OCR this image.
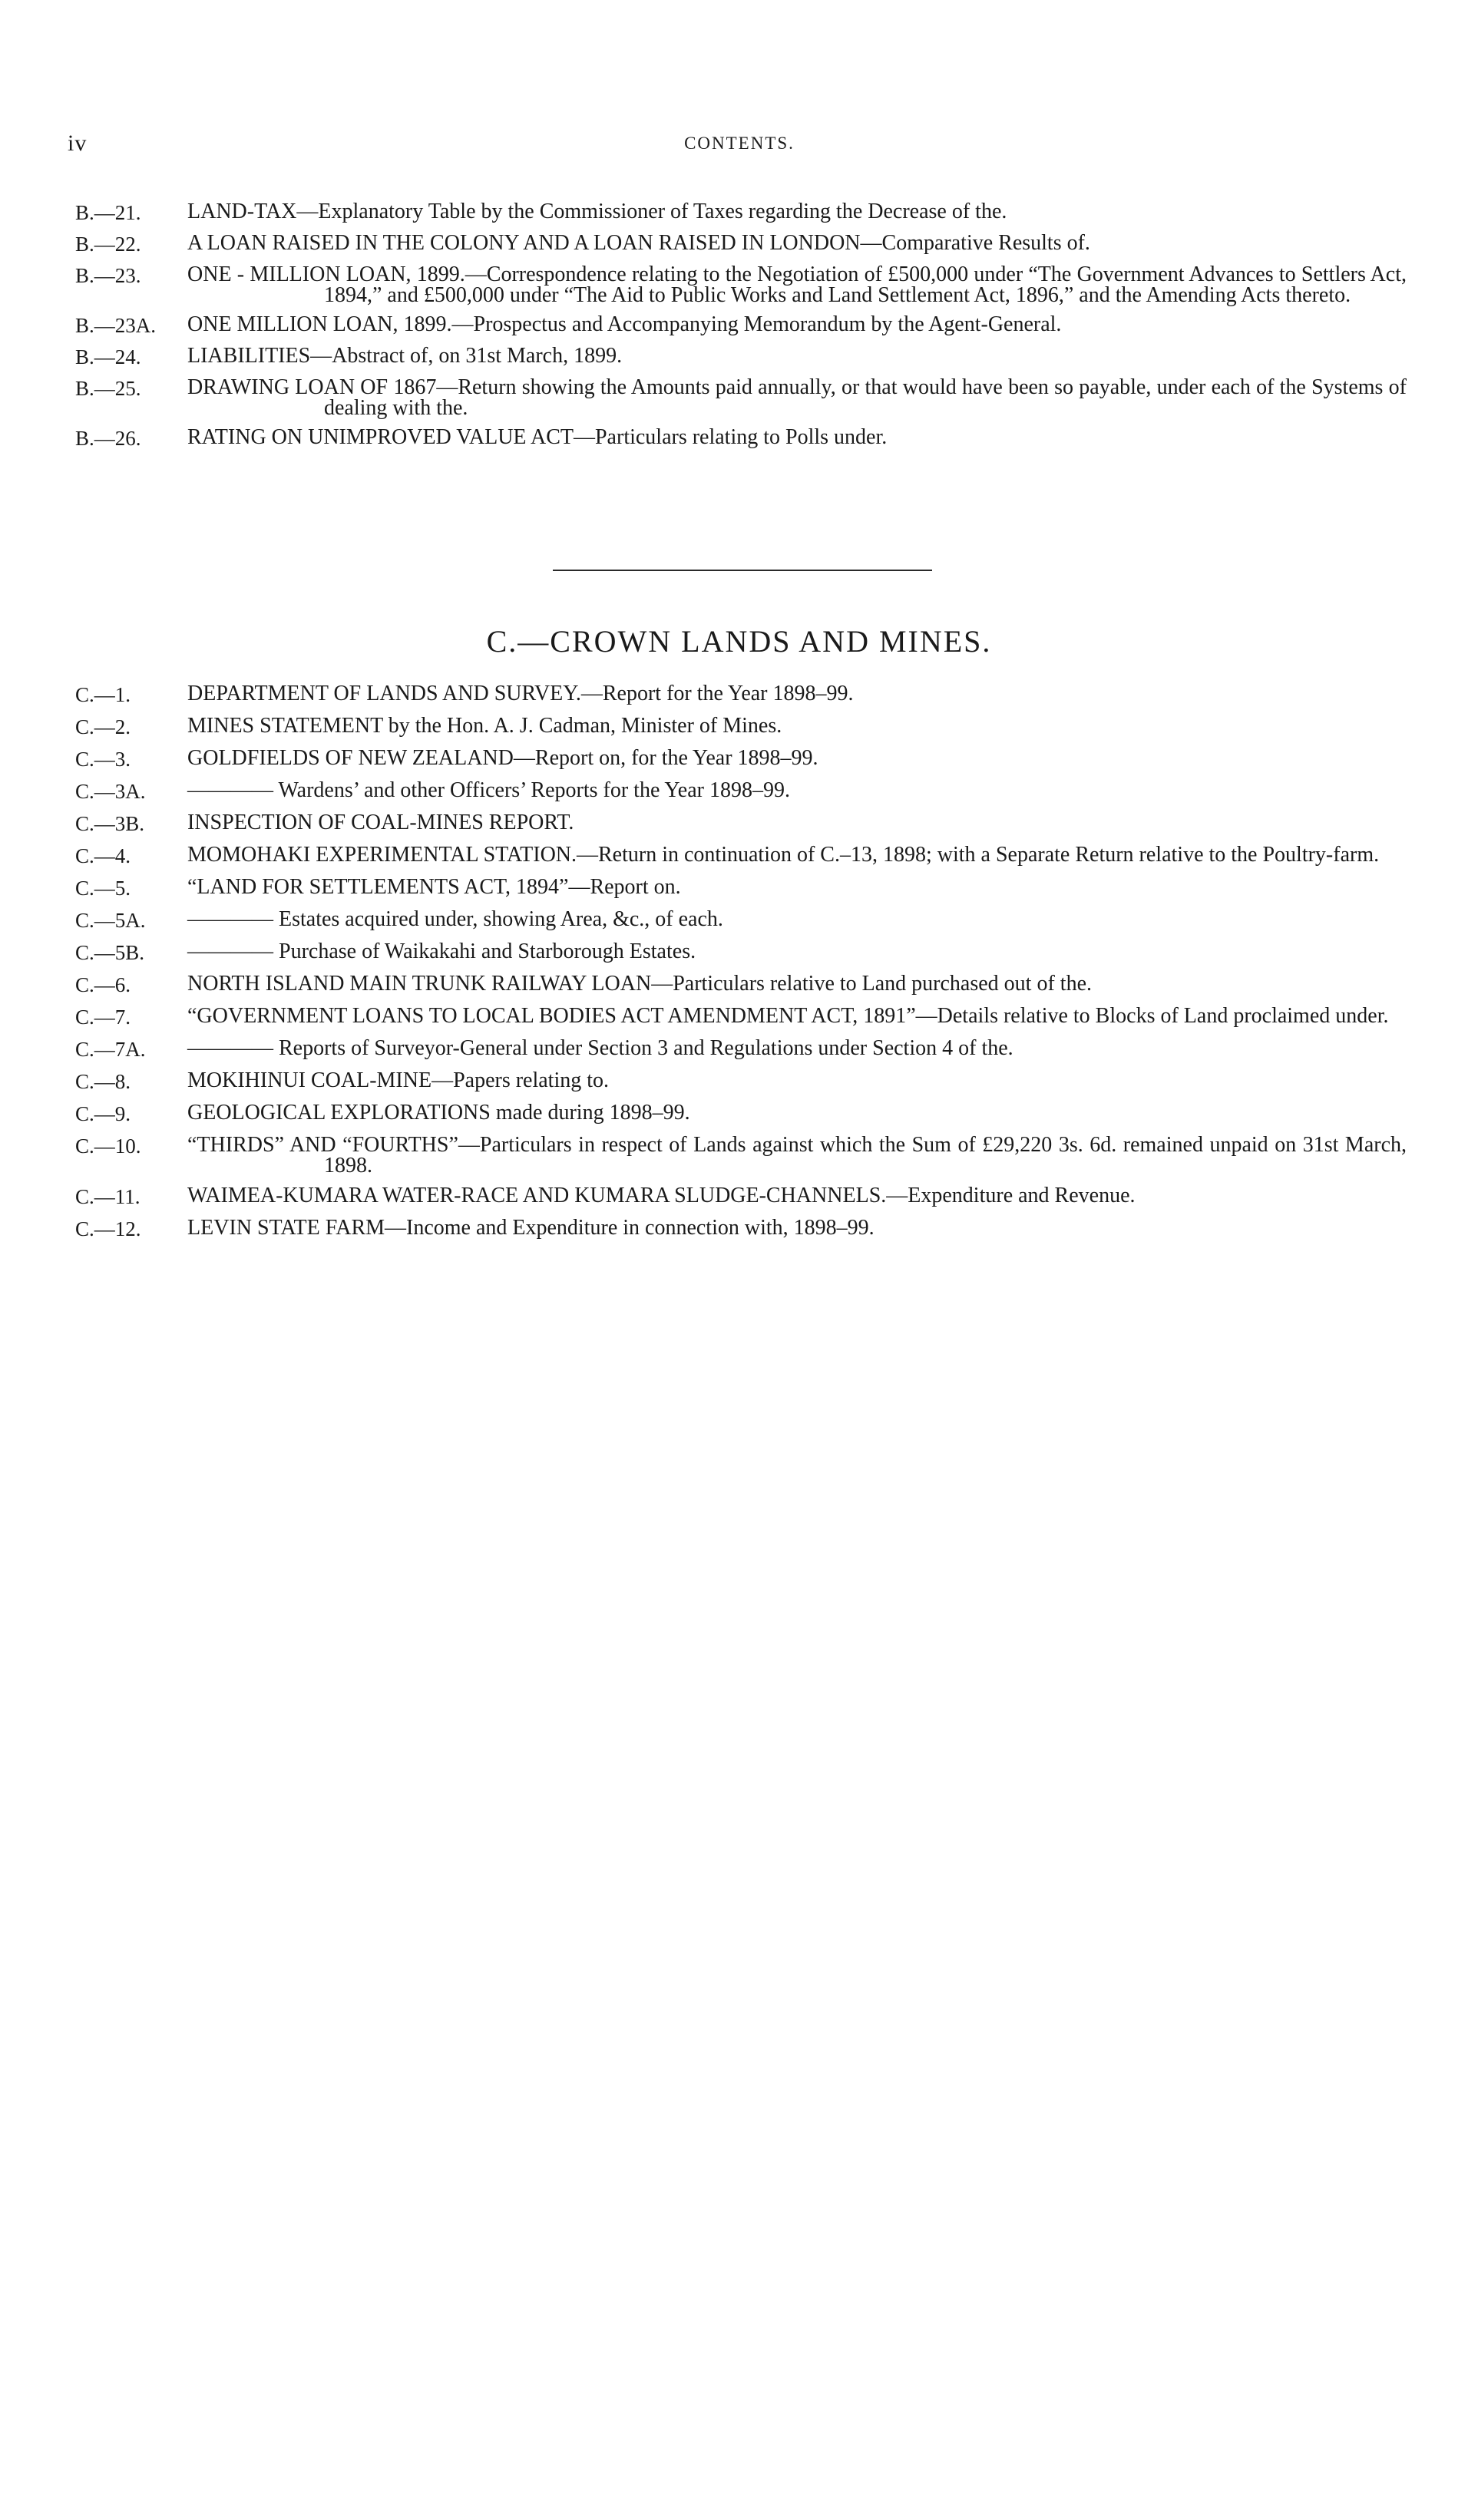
iv	CONTENTS.
B.—21.	LAND-TAX—Explanatory Table by the Commissioner of Taxes regarding the Decrease of the.
B.—22.	A LOAN RAISED IN THE COLONY AND A LOAN RAISED IN LONDON—Comparative Results of.
B.—23.	ONE - MILLION LOAN, 1899.—Correspondence relating to the Negotiation of £500,000 under “The Government Advances to Settlers Act, 1894,” and £500,000 under “The Aid to Public Works and Land Settlement Act, 1896,” and the Amending Acts thereto.
B.—23A.	ONE MILLION LOAN, 1899.—Prospectus and Accompanying Memorandum by the Agent-General.
B.—24.	LIABILITIES—Abstract of, on 31st March, 1899.
B.—25.	DRAWING LOAN OF 1867—Return showing the Amounts paid annually, or that would have been so payable, under each of the Systems of dealing with the.
B.—26.	RATING ON UNIMPROVED VALUE ACT—Particulars relating to Polls under.
C.—CROWN LANDS AND MINES.
C.—1.	DEPARTMENT OF LANDS AND SURVEY.—Report for the Year 1898–99.
C.—2.	MINES STATEMENT by the Hon. A. J. Cadman, Minister of Mines.
C.—3.	GOLDFIELDS OF NEW ZEALAND—Report on, for the Year 1898–99.
C.—3A.	———— Wardens’ and other Officers’ Reports for the Year 1898–99.
C.—3B.	INSPECTION OF COAL-MINES REPORT.
C.—4.	MOMOHAKI EXPERIMENTAL STATION.—Return in continuation of C.–13, 1898; with a Separate Return relative to the Poultry-farm.
C.—5.	“LAND FOR SETTLEMENTS ACT, 1894”—Report on.
C.—5A.	———— Estates acquired under, showing Area, &c., of each.
C.—5B.	———— Purchase of Waikakahi and Starborough Estates.
C.—6.	NORTH ISLAND MAIN TRUNK RAILWAY LOAN—Particulars relative to Land purchased out of the.
C.—7.	“GOVERNMENT LOANS TO LOCAL BODIES ACT AMENDMENT ACT, 1891”—Details relative to Blocks of Land proclaimed under.
C.—7A.	———— Reports of Surveyor-General under Section 3 and Regulations under Section 4 of the.
C.—8.	MOKIHINUI COAL-MINE—Papers relating to.
C.—9.	GEOLOGICAL EXPLORATIONS made during 1898–99.
C.—10.	“THIRDS” AND “FOURTHS”—Particulars in respect of Lands against which the Sum of £29,220 3s. 6d. remained unpaid on 31st March, 1898.
C.—11.	WAIMEA-KUMARA WATER-RACE AND KUMARA SLUDGE-CHANNELS.—Expenditure and Revenue.
C.—12.	LEVIN STATE FARM—Income and Expenditure in connection with, 1898–99.
